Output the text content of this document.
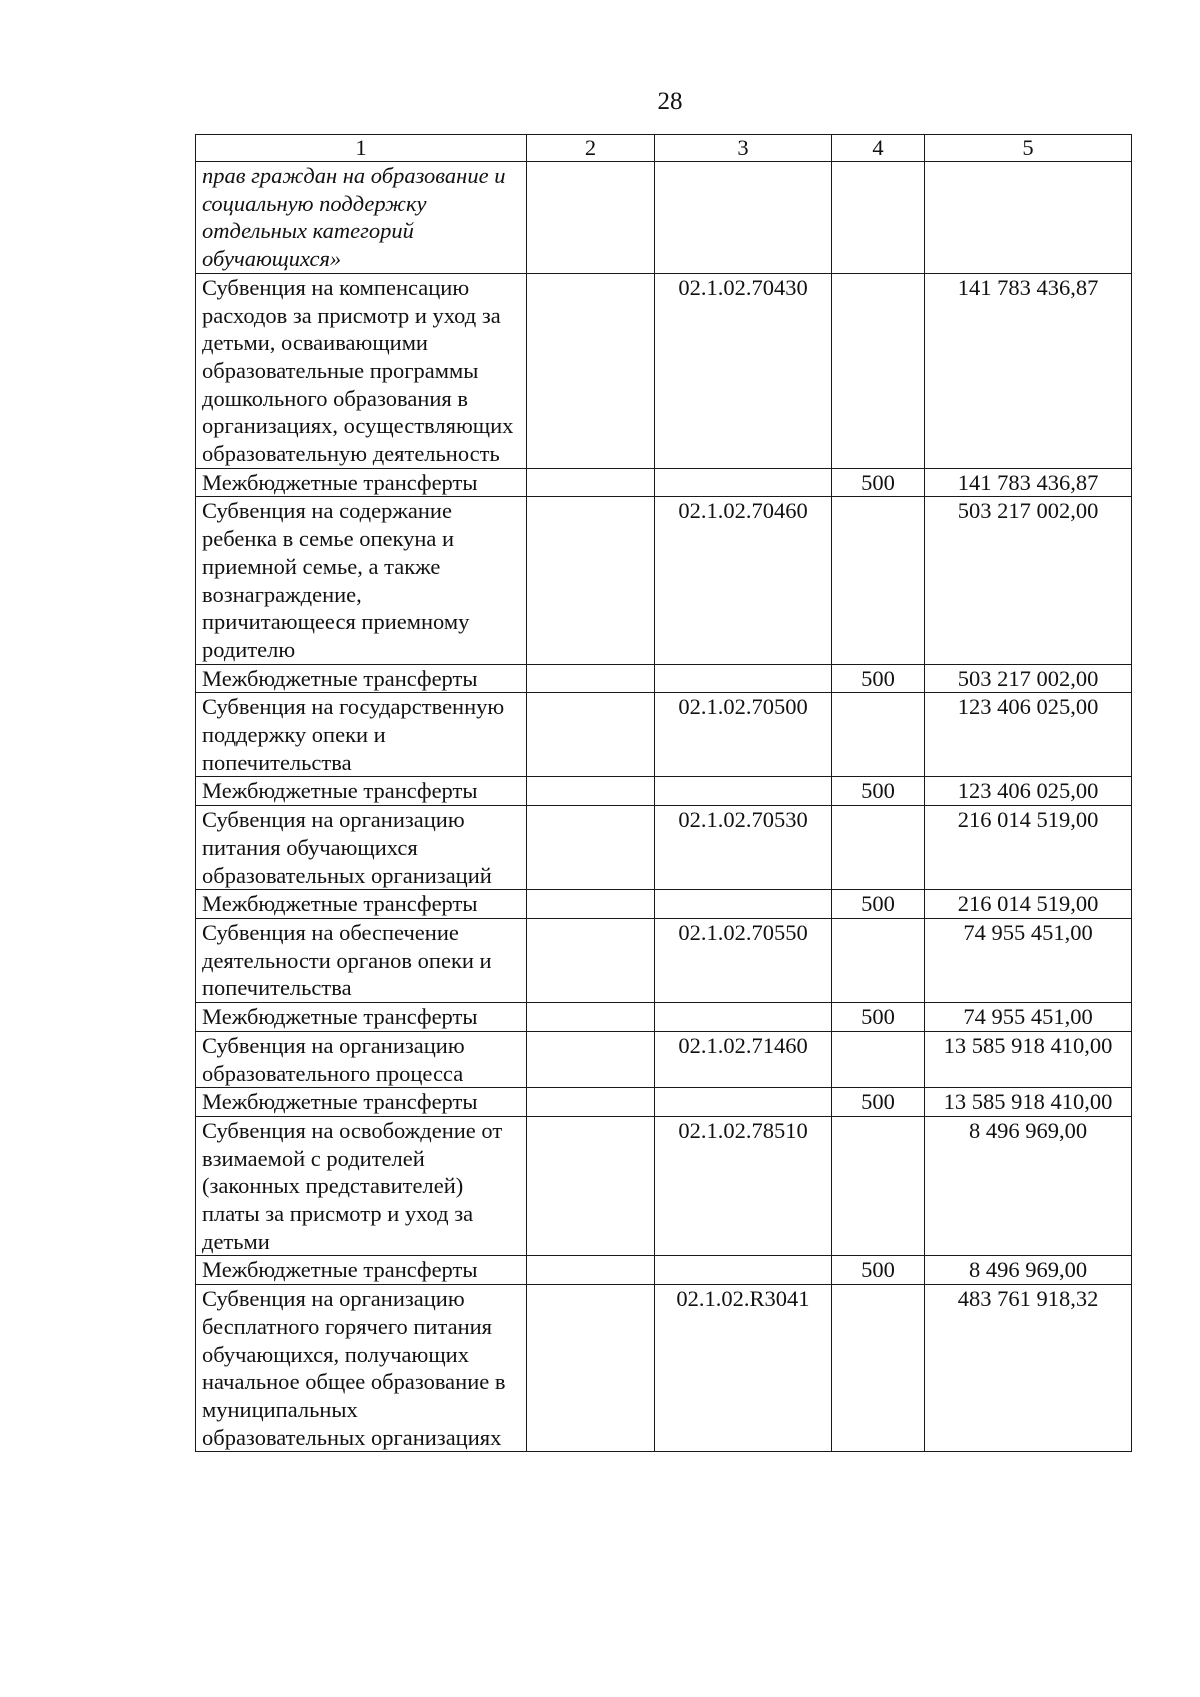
28
1	2	3	4	5
прав граждан на образование и социальную поддержку отдельных категорий обучающихся»				
Субвенция на компенсацию расходов за присмотр и уход за детьми, осваивающими образовательные программы дошкольного образования в организациях, осуществляющих образовательную деятельность		02.1.02.70430		141 783 436,87
Межбюджетные трансферты			500	141 783 436,87
Субвенция на содержание ребенка в семье опекуна и приемной семье, а также вознаграждение, причитающееся приемному родителю		02.1.02.70460		503 217 002,00
Межбюджетные трансферты			500	503 217 002,00
Субвенция на государственную поддержку опеки и попечительства		02.1.02.70500		123 406 025,00
Межбюджетные трансферты			500	123 406 025,00
Субвенция на организацию питания обучающихся образовательных организаций		02.1.02.70530		216 014 519,00
Межбюджетные трансферты			500	216 014 519,00
Субвенция на обеспечение деятельности органов опеки и попечительства		02.1.02.70550		74 955 451,00
Межбюджетные трансферты			500	74 955 451,00
Субвенция на организацию образовательного процесса		02.1.02.71460		13 585 918 410,00
Межбюджетные трансферты			500	13 585 918 410,00
Субвенция на освобождение от взимаемой с родителей (законных представителей) платы за присмотр и уход за детьми		02.1.02.78510		8 496 969,00
Межбюджетные трансферты			500	8 496 969,00
Субвенция на организацию бесплатного горячего питания обучающихся, получающих начальное общее образование в муниципальных образовательных организациях		02.1.02.R3041		483 761 918,32
